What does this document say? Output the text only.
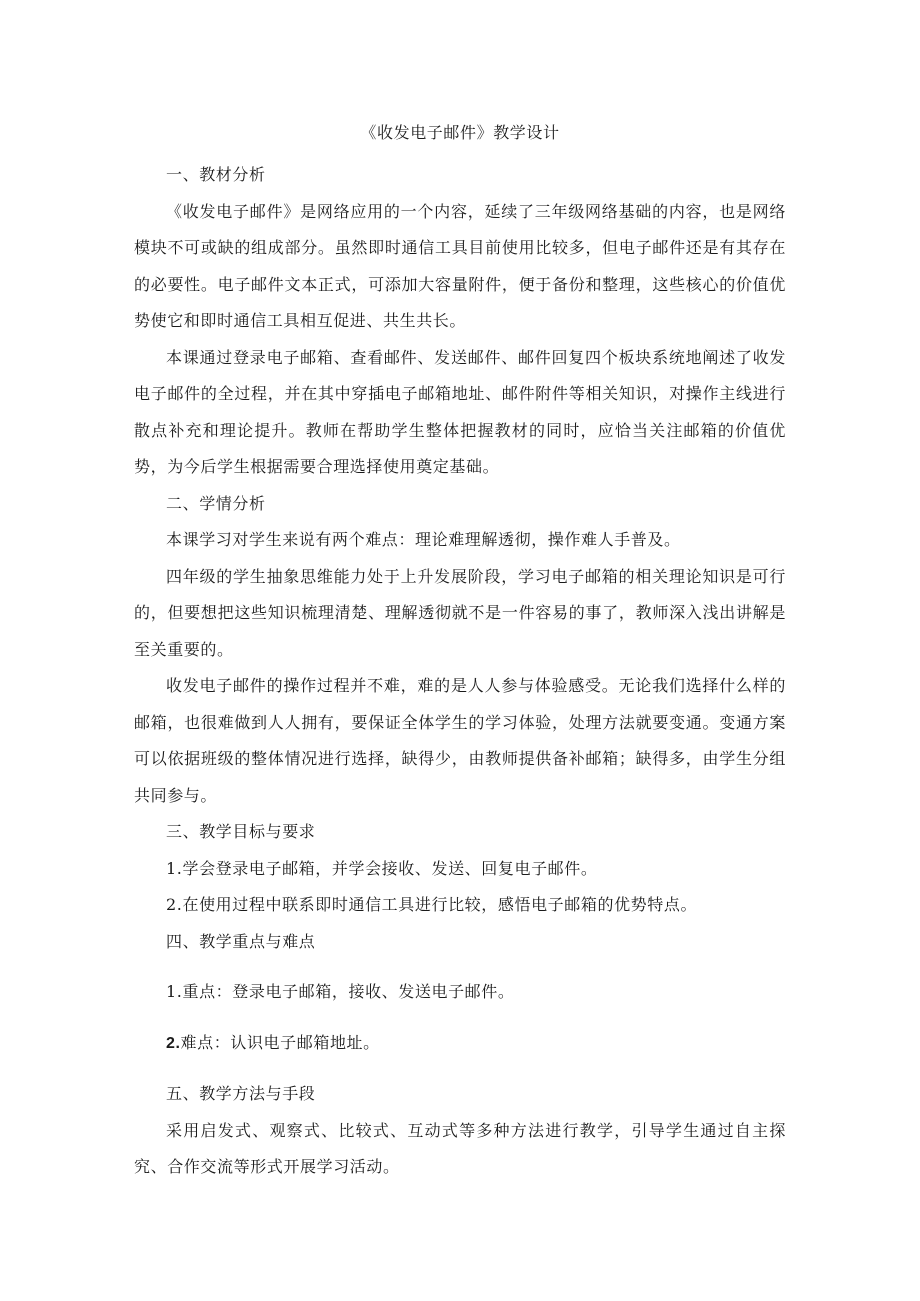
《收发电子邮件》教学设计

一、教材分析

《收发电子邮件》是网络应用的一个内容，延续了三年级网络基础的内容，也是网络模块不可或缺的组成部分。虽然即时通信工具目前使用比较多，但电子邮件还是有其存在的必要性。电子邮件文本正式，可添加大容量附件，便于备份和整理，这些核心的价值优势使它和即时通信工具相互促进、共生共长。

本课通过登录电子邮箱、查看邮件、发送邮件、邮件回复四个板块系统地阐述了收发电子邮件的全过程，并在其中穿插电子邮箱地址、邮件附件等相关知识，对操作主线进行散点补充和理论提升。教师在帮助学生整体把握教材的同时，应恰当关注邮箱的价值优势，为今后学生根据需要合理选择使用奠定基础。

二、学情分析

本课学习对学生来说有两个难点：理论难理解透彻，操作难人手普及。

四年级的学生抽象思维能力处于上升发展阶段，学习电子邮箱的相关理论知识是可行的，但要想把这些知识梳理清楚、理解透彻就不是一件容易的事了，教师深入浅出讲解是至关重要的。

收发电子邮件的操作过程并不难，难的是人人参与体验感受。无论我们选择什么样的邮箱，也很难做到人人拥有，要保证全体学生的学习体验，处理方法就要变通。变通方案可以依据班级的整体情况进行选择，缺得少，由教师提供备补邮箱；缺得多，由学生分组共同参与。

三、教学目标与要求

1.学会登录电子邮箱，并学会接收、发送、回复电子邮件。

2.在使用过程中联系即时通信工具进行比较，感悟电子邮箱的优势特点。

四、教学重点与难点

1.重点：登录电子邮箱，接收、发送电子邮件。

2.难点：认识电子邮箱地址。

五、教学方法与手段

采用启发式、观察式、比较式、互动式等多种方法进行教学，引导学生通过自主探究、合作交流等形式开展学习活动。
